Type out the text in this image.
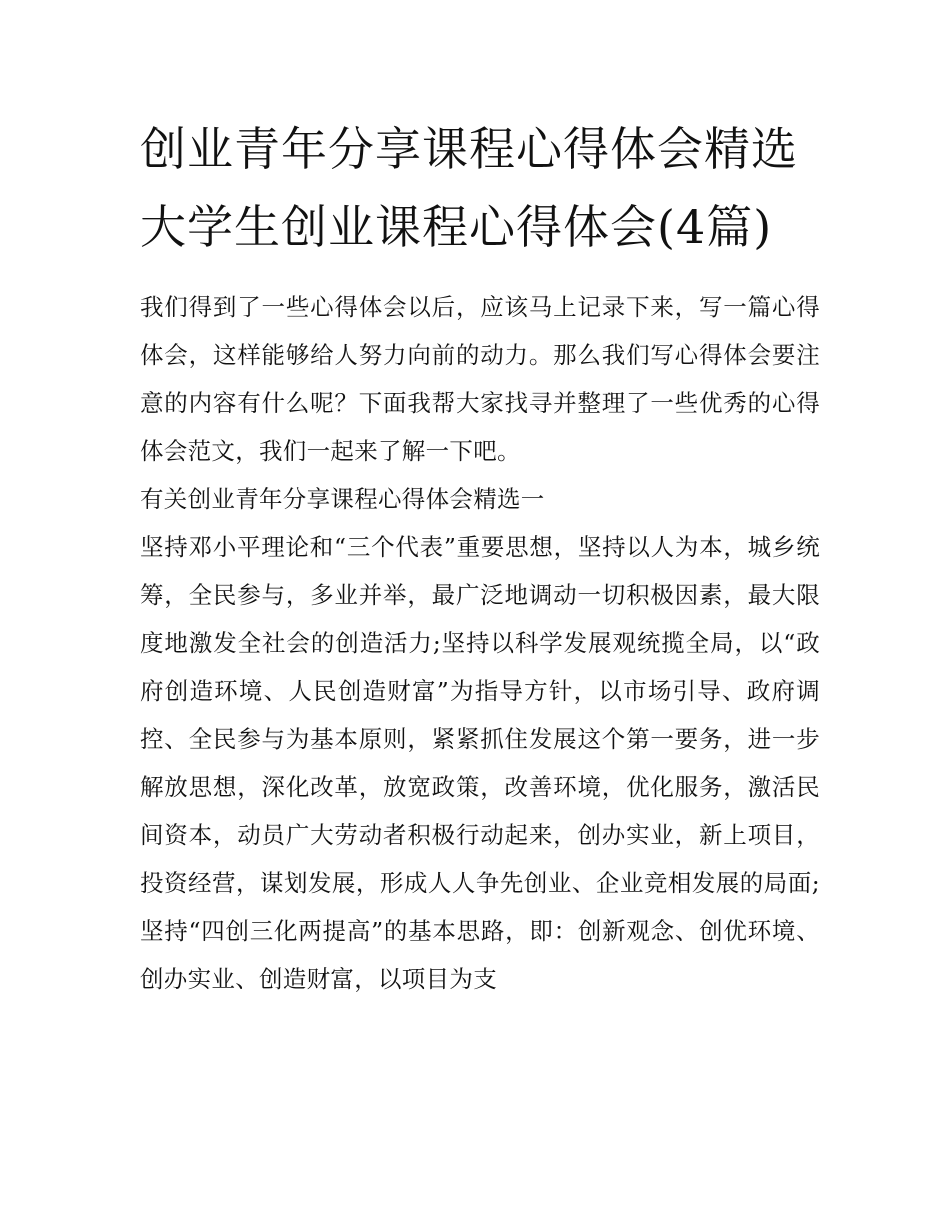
创业青年分享课程心得体会精选 大学生创业课程心得体会(4篇)

我们得到了一些心得体会以后，应该马上记录下来，写一篇心得体会，这样能够给人努力向前的动力。那么我们写心得体会要注意的内容有什么呢？下面我帮大家找寻并整理了一些优秀的心得体会范文，我们一起来了解一下吧。

有关创业青年分享课程心得体会精选一

坚持邓小平理论和“三个代表”重要思想，坚持以人为本，城乡统筹，全民参与，多业并举，最广泛地调动一切积极因素，最大限度地激发全社会的创造活力;坚持以科学发展观统揽全局，以“政府创造环境、人民创造财富”为指导方针，以市场引导、政府调控、全民参与为基本原则，紧紧抓住发展这个第一要务，进一步解放思想，深化改革，放宽政策，改善环境，优化服务，激活民间资本，动员广大劳动者积极行动起来，创办实业，新上项目，投资经营，谋划发展，形成人人争先创业、企业竞相发展的局面;坚持“四创三化两提高”的基本思路，即：创新观念、创优环境、创办实业、创造财富，以项目为支
